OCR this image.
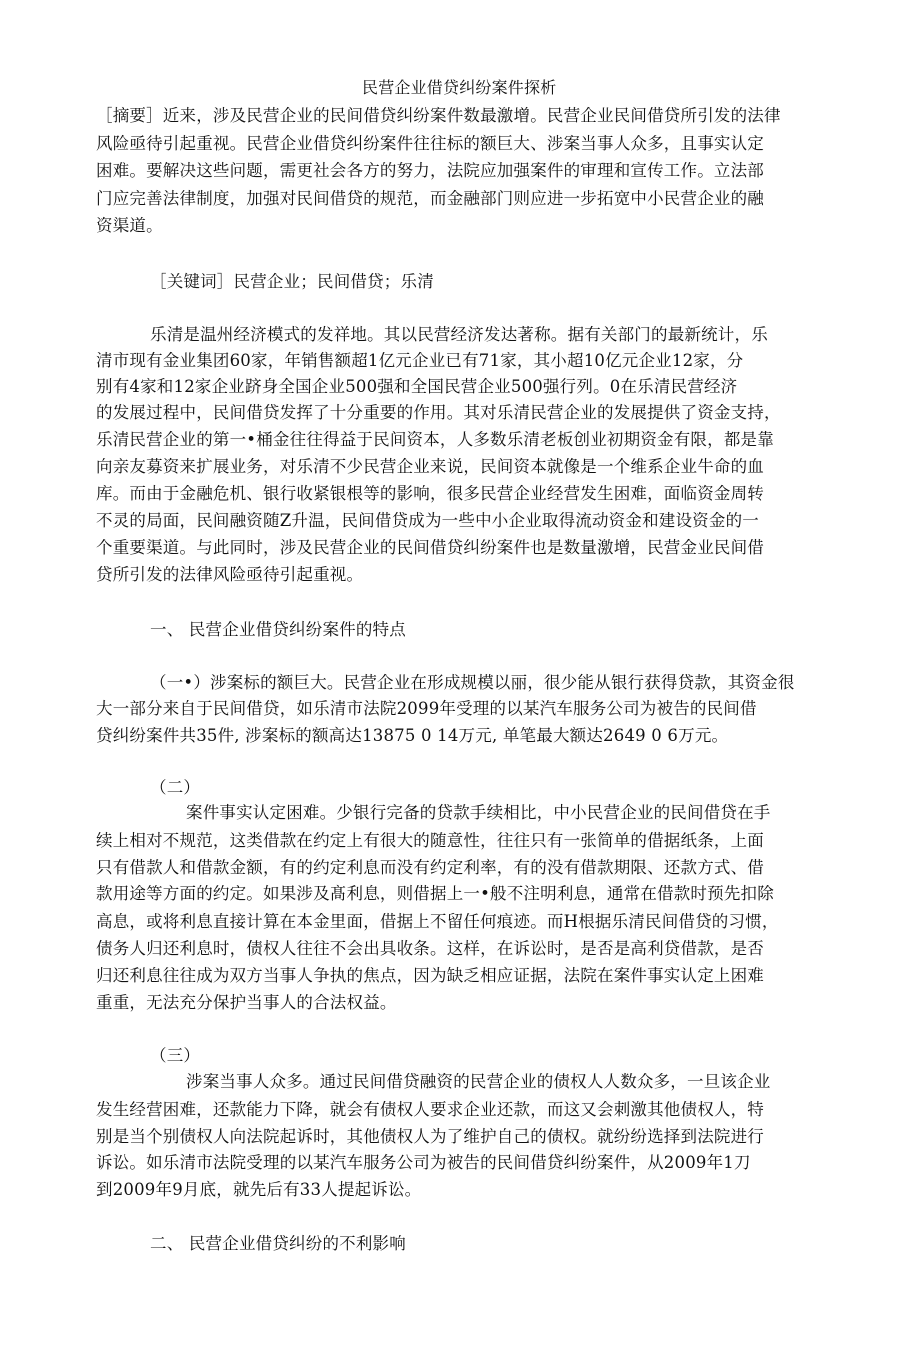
民营企业借贷纠纷案件探析
［摘要］近来，涉及民营企业的民间借贷纠纷案件数最激增。民营企业民间借贷所引发的法律
风险亟待引起重视。民营企业借贷纠纷案件往往标的额巨大、涉案当事人众多，且事实认定
困难。要解决这些问题，需更社会各方的努力，法院应加强案件的审理和宣传工作。立法部
门应完善法律制度，加强对民间借贷的规范，而金融部门则应进一步拓宽中小民营企业的融
资渠道。
［关键词］民营企业；民间借贷；乐清
乐清是温州经济模式的发祥地。其以民营经济发达著称。据有关部门的最新统计，乐
清市现有金业集团60家，年销售额超1亿元企业已有71家，其小超10亿元企业12家，分
别有4家和12家企业跻身全国企业500强和全国民营企业500强行列。0在乐清民营经济
的发展过程中，民间借贷发挥了十分重要的作用。其对乐清民营企业的发展提供了资金支持，
乐清民营企业的第一•桶金往往得益于民间资本，人多数乐清老板创业初期资金有限，都是靠
向亲友募资来扩展业务，对乐清不少民营企业来说，民间资本就像是一个维系企业牛命的血
库。而由于金融危机、银行收紧银根等的影响，很多民营企业经营发生困难，面临资金周转
不灵的局面，民间融资随Z升温，民间借贷成为一些中小企业取得流动资金和建设资金的一
个重要渠道。与此同时，涉及民营企业的民间借贷纠纷案件也是数量激增，民营金业民间借
贷所引发的法律风险亟待引起重视。
一、 民营企业借贷纠纷案件的特点
（一•）涉案标的额巨大。民营企业在形成规模以丽，很少能从银行获得贷款，其资金很
大一部分来自于民间借贷，如乐清市法院2099年受理的以某汽车服务公司为被告的民间借
贷纠纷案件共35件, 涉案标的额高达13875 0 14万元, 单笔最大额达2649 0 6万元。
（二）
案件事实认定困难。少银行完备的贷款手续相比，中小民营企业的民间借贷在手
续上相对不规范，这类借款在约定上有很大的随意性，往往只有一张简单的借据纸条，上面
只有借款人和借款金额，有的约定利息而没有约定利率，有的没有借款期限、还款方式、借
款用途等方面的约定。如果涉及髙利息，则借据上一•般不注明利息，通常在借款时预先扣除
高息，或将利息直接计算在本金里面，借据上不留任何痕迹。而H根据乐清民间借贷的习惯，
债务人归还利息时，债权人往往不会出具收条。这样，在诉讼时，是否是高利贷借款，是否
归还利息往往成为双方当事人争执的焦点，因为缺乏相应证据，法院在案件事实认定上困难
重重，无法充分保护当事人的合法权益。
（三）
涉案当事人众多。通过民间借贷融资的民营企业的债权人人数众多，一旦该企业
发生经营困难，还款能力下降，就会有债权人要求企业还款，而这又会刺激其他债权人，特
别是当个别债权人向法院起诉时，其他债权人为了维护自己的债权。就纷纷选择到法院进行
诉讼。如乐清市法院受理的以某汽车服务公司为被告的民间借贷纠纷案件，从2009年1刀
到2009年9月底，就先后有33人提起诉讼。
二、 民营企业借贷纠纷的不利影响
